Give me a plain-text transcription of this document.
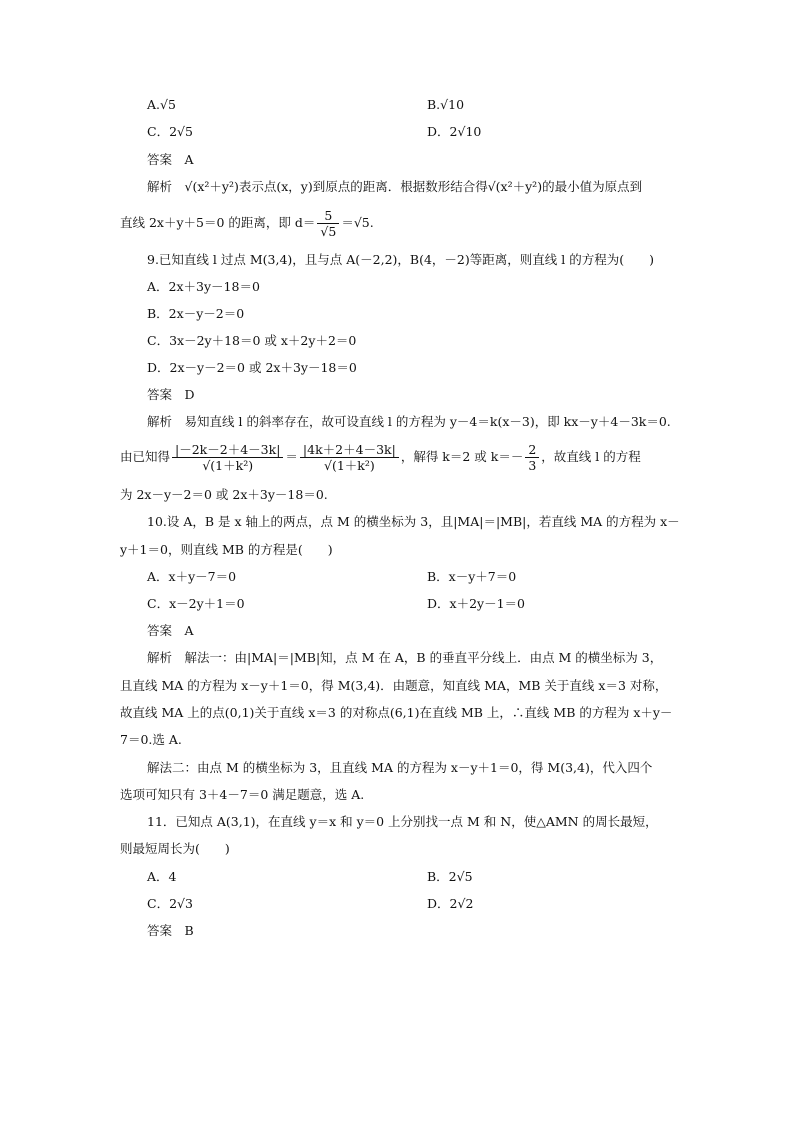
A.√5	B.√10
C．2√5	D．2√10
答案　A
解析　√(x²＋y²)表示点(x，y)到原点的距离．根据数形结合得√(x²＋y²)的最小值为原点到
直线 2x＋y＋5＝0 的距离，即 $d= \frac{5}{√5} =√5$.
9.已知直线 l 过点 M(3,4)，且与点 A(－2,2)，B(4，－2)等距离，则直线 l 的方程为(　　)
A．2x＋3y－18＝0
B．2x－y－2＝0
C．3x－2y＋18＝0 或 x＋2y＋2＝0
D．2x－y－2＝0 或 2x＋3y－18＝0
答案　D
解析　易知直线 l 的斜率存在，故可设直线 l 的方程为 y－4＝k(x－3)，即 kx－y＋4－3k＝0.
由已知得 $\frac{|-2k-2+4-3k|}{\text{√(1＋k²)}} = \frac{|4k+2+4-3k|}{\text{√(1＋k²)}}$ ，解得 k＝2 或 $k=- \frac{2}{3}$ ，故直线 l 的方程
为 2x－y－2＝0 或 2x＋3y－18＝0.
10.设 A，B 是 x 轴上的两点，点 M 的横坐标为 3，且|MA|＝|MB|，若直线 MA 的方程为 x－
y＋1＝0，则直线 MB 的方程是(　　)
A．x＋y－7＝0	B．x－y＋7＝0
C．x－2y＋1＝0	D．x＋2y－1＝0
答案　A
解析　解法一：由|MA|＝|MB|知，点 M 在 A，B 的垂直平分线上．由点 M 的横坐标为 3，
且直线 MA 的方程为 x－y＋1＝0，得 M(3,4)．由题意，知直线 MA，MB 关于直线 x＝3 对称，
故直线 MA 上的点(0,1)关于直线 x＝3 的对称点(6,1)在直线 MB 上，∴直线 MB 的方程为 x＋y－
7＝0.选 A.
解法二：由点 M 的横坐标为 3，且直线 MA 的方程为 x－y＋1＝0，得 M(3,4)，代入四个
选项可知只有 3＋4－7＝0 满足题意，选 A.
11．已知点 A(3,1)，在直线 y＝x 和 y＝0 上分别找一点 M 和 N，使△AMN 的周长最短，
则最短周长为(　　)
A．4	B．2√5
C．2√3	D．2√2
答案　B
